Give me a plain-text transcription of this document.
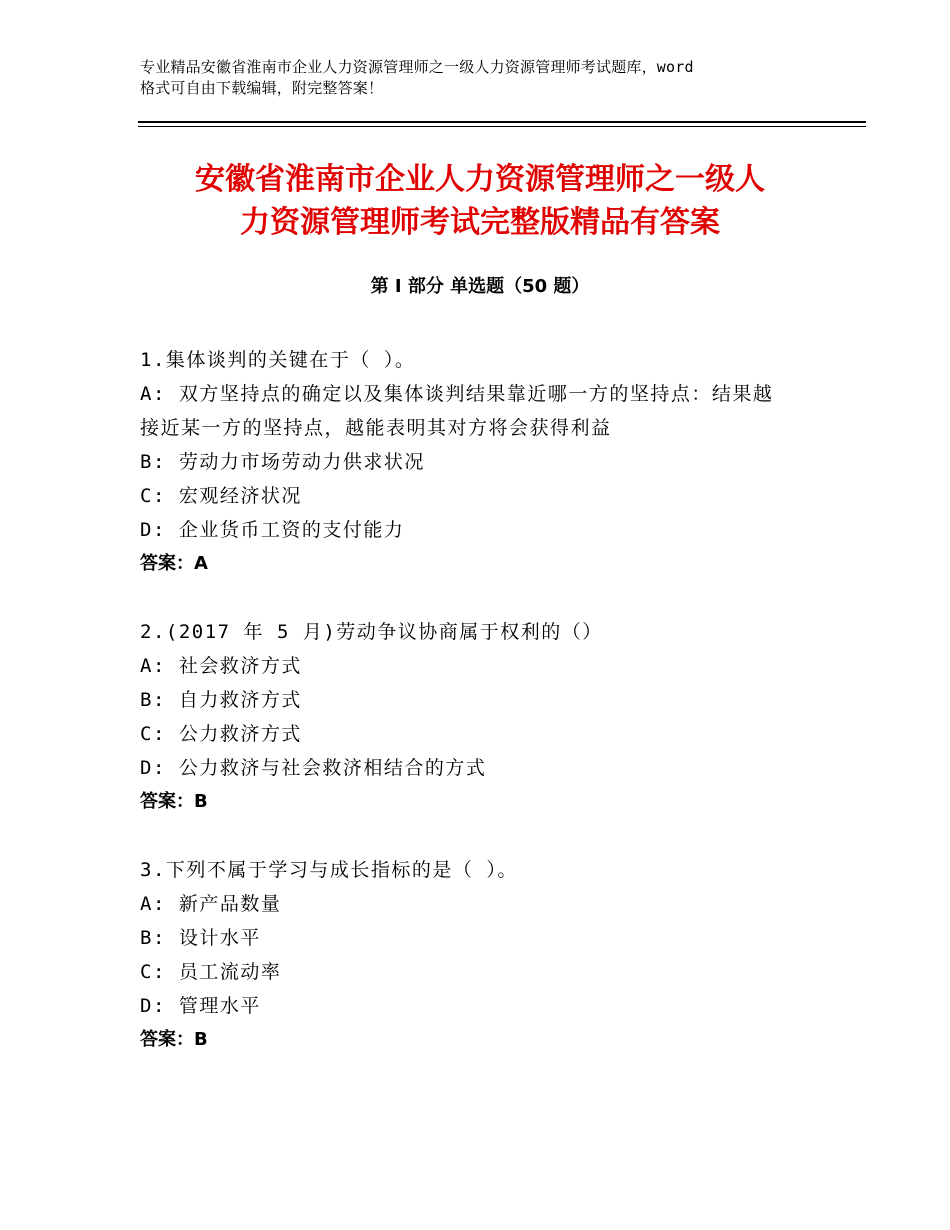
专业精品安徽省淮南市企业人力资源管理师之一级人力资源管理师考试题库，word
格式可自由下载编辑，附完整答案！
安徽省淮南市企业人力资源管理师之一级人
力资源管理师考试完整版精品有答案
第 I 部分 单选题（50 题）
1.集体谈判的关键在于（ ）。
A: 双方坚持点的确定以及集体谈判结果靠近哪一方的坚持点：结果越
接近某一方的坚持点，越能表明其对方将会获得利益
B: 劳动力市场劳动力供求状况
C: 宏观经济状况
D: 企业货币工资的支付能力
答案：A
2.(2017 年 5 月)劳动争议协商属于权利的（）
A: 社会救济方式
B: 自力救济方式
C: 公力救济方式
D: 公力救济与社会救济相结合的方式
答案：B
3.下列不属于学习与成长指标的是（ ）。
A: 新产品数量
B: 设计水平
C: 员工流动率
D: 管理水平
答案：B
